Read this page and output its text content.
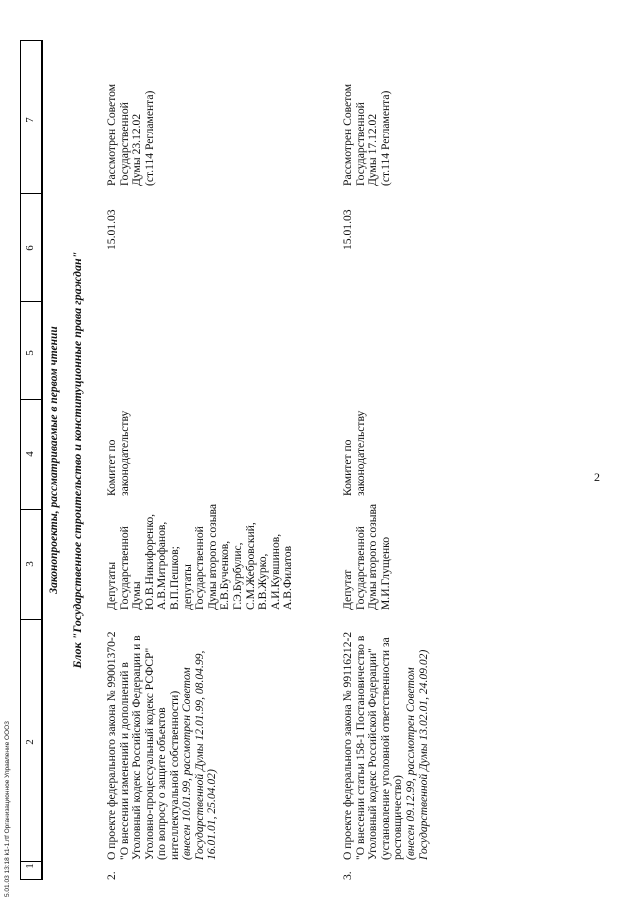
2
1
2
3
4
5
6
7
Законопроекты, рассматриваемые в первом чтении Блок "Государственное строительство и конституционные права граждан"
2.
О проекте федерального закона № 99001370-2
"О внесении изменений и дополнений в
Уголовный кодекс Российской Федерации и в
Уголовно-процессуальный кодекс РСФСР"
(по вопросу о защите объектов
интеллектуальной собственности)
(внесен 10.01.99, рассмотрен Советом
Государственной Думы 12.01.99, 08.04.99,
16.01.01, 25.04.02)
Депутаты
Государственной
Думы
Ю.В.Никифоренко,
А.В.Митрофанов,
В.П.Пешков;
депутаты
Государственной
Думы второго созыва
Е.В.Бученков,
Г.Э.Бурбулис,
С.М.Жебровский,
В.В.Журко,
А.И.Кувшинов,
А.В.Филатов
Комитет по
законодательству
15.01.03
Рассмотрен Советом
Государственной
Думы 23.12.02
(ст.114 Регламента)
3.
О проекте федерального закона № 99116212-2
"О внесении статьи 158-1 Постановичество в
Уголовный кодекс Российской Федерации"
(установление уголовной ответственности за
ростовщичество) (внесен 09.12.99, рассмотрен Советом
Государственной Думы 13.02.01, 24.09.02)
Депутат
Государственной
Думы второго созыва
М.И.Глущенко
Комитет по
законодательству
15.01.03
Рассмотрен Советом
Государственной
Думы 17.12.02
(ст.114 Регламента)
5.01.03 13:18 k1-1.rtf Организационное Управление ООО3
